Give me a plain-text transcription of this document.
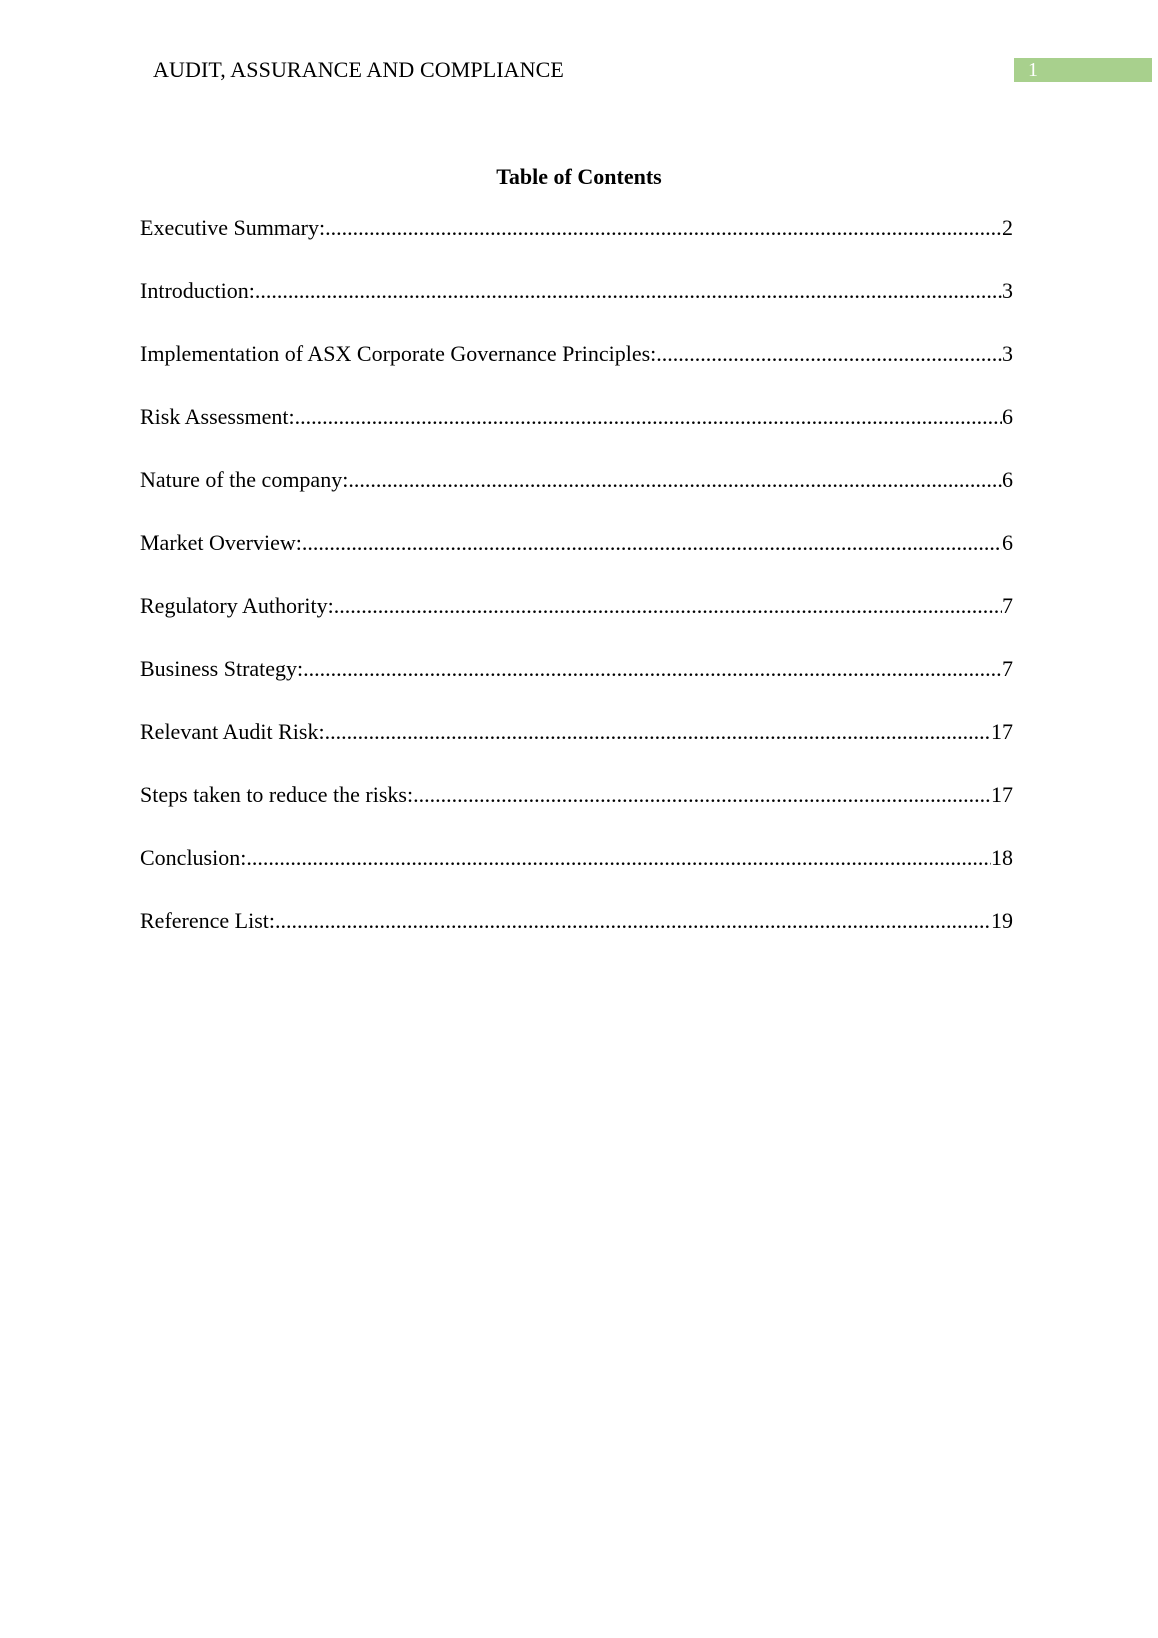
AUDIT, ASSURANCE AND COMPLIANCE	1
Table of Contents
Executive Summary: .....	2
Introduction: .....	3
Implementation of ASX Corporate Governance Principles: .....	3
Risk Assessment: .....	6
Nature of the company: .....	6
Market Overview: .....	6
Regulatory Authority: .....	7
Business Strategy: .....	7
Relevant Audit Risk: .....	17
Steps taken to reduce the risks: .....	17
Conclusion: .....	18
Reference List: .....	19
